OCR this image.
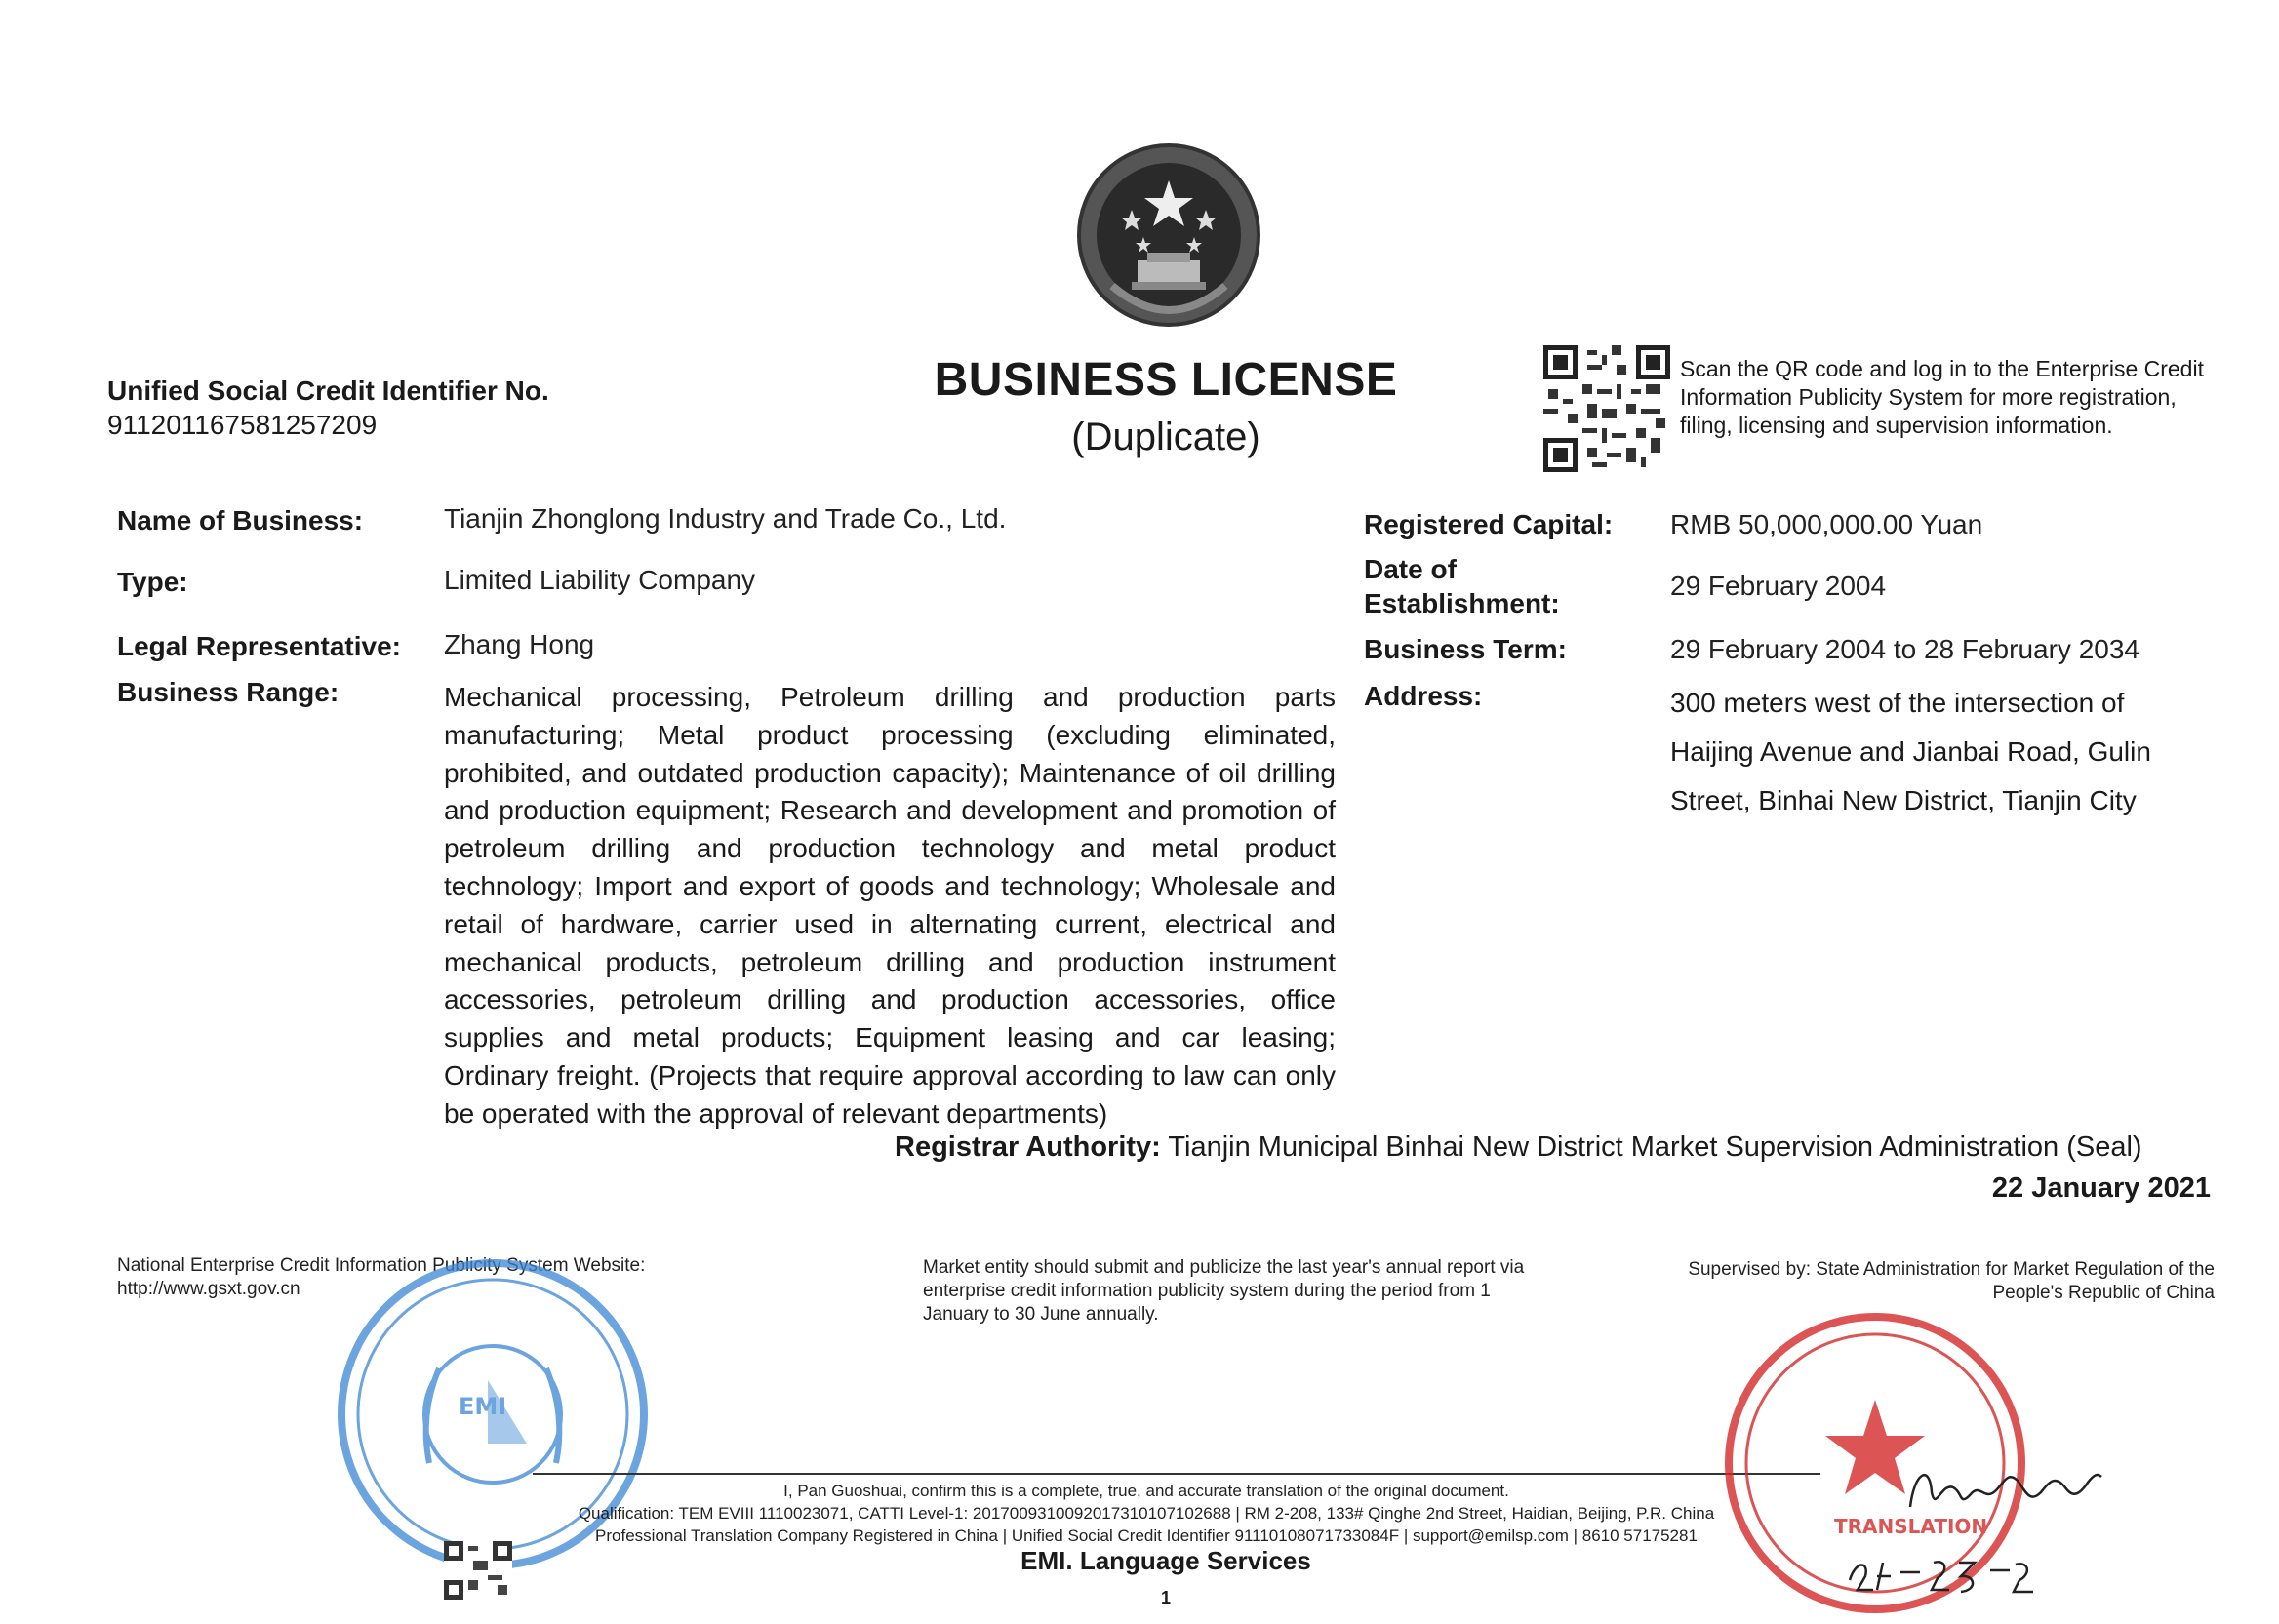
BUSINESS LICENSE
(Duplicate)
Unified Social Credit Identifier No.
911201167581257209
Scan the QR code and log in to the Enterprise Credit Information Publicity System for more registration, filing, licensing and supervision information.
Name of Business:	Tianjin Zhonglong Industry and Trade Co., Ltd.
Type:	Limited Liability Company
Legal Representative: Zhang Hong
Business Range:	Mechanical processing, Petroleum drilling and production parts manufacturing; Metal product processing (excluding eliminated, prohibited, and outdated production capacity); Maintenance of oil drilling and production equipment; Research and development and promotion of petroleum drilling and production technology and metal product technology; Import and export of goods and technology; Wholesale and retail of hardware, carrier used in alternating current, electrical and mechanical products, petroleum drilling and production instrument accessories, petroleum drilling and production accessories, office supplies and metal products; Equipment leasing and car leasing; Ordinary freight. (Projects that require approval according to law can only be operated with the approval of relevant departments)
Registered Capital: RMB 50,000,000.00 Yuan
Date of
Establishment:
29 February 2004
Business Term:	29 February 2004 to 28 February 2034
Address:	300 meters west of the intersection of Haijing Avenue and Jianbai Road, Gulin Street, Binhai New District, Tianjin City
Registrar Authority: Tianjin Municipal Binhai New District Market Supervision Administration (Seal)
22 January 2021
National Enterprise Credit Information Publicity System Website:
http://www.gsxt.gov.cn
Market entity should submit and publicize the last year's annual report via enterprise credit information publicity system during the period from 1 January to 30 June annually.
Supervised by: State Administration for Market Regulation of the
People's Republic of China
EMI
I, Pan Guoshuai, confirm this is a complete, true, and accurate translation of the original document.
Qualification: TEM EVIII 1110023071, CATTI Level-1: 20170093100920173101071026​88 | RM 2-208, 133# Qinghe 2nd Street, Haidian, Beijing, P.R. China
Professional Translation Company Registered in China | Unified Social Credit Identifier 91110108071733084F | support@emilsp.com | 8610 57175281
EMI. Language Services
1
TRANSLATION
